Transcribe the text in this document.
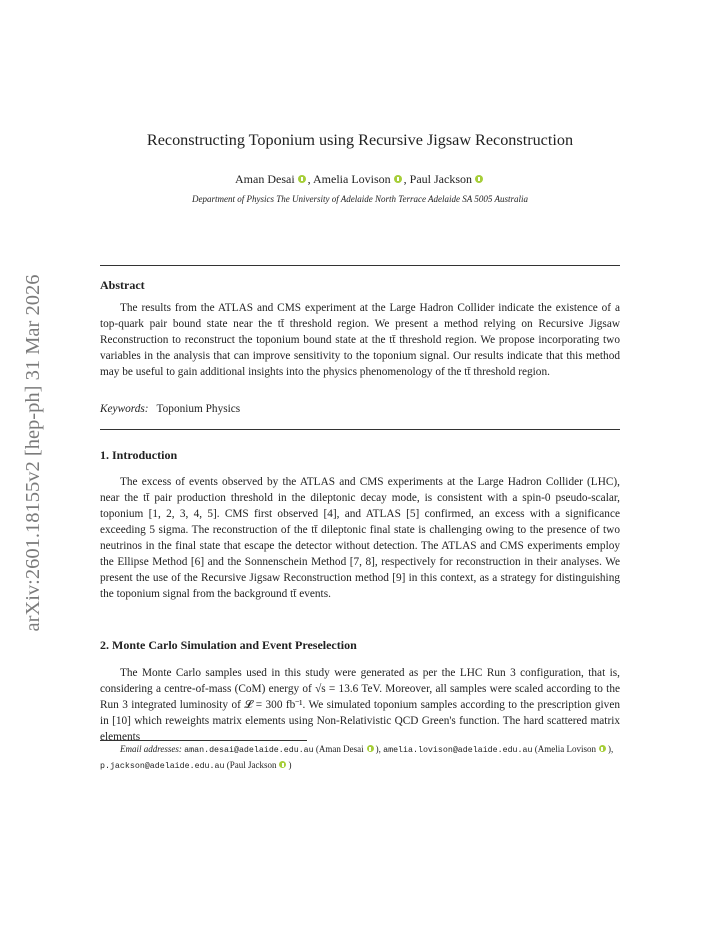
arXiv:2601.18155v2 [hep-ph] 31 Mar 2026
Reconstructing Toponium using Recursive Jigsaw Reconstruction
Aman Desai , Amelia Lovison , Paul Jackson
Department of Physics The University of Adelaide North Terrace Adelaide SA 5005 Australia
Abstract
The results from the ATLAS and CMS experiment at the Large Hadron Collider indicate the existence of a top-quark pair bound state near the tt̄ threshold region. We present a method relying on Recursive Jigsaw Reconstruction to reconstruct the toponium bound state at the tt̄ threshold region. We propose incorporating two variables in the analysis that can improve sensitivity to the toponium signal. Our results indicate that this method may be useful to gain additional insights into the physics phenomenology of the tt̄ threshold region.
Keywords: Toponium Physics
1. Introduction
The excess of events observed by the ATLAS and CMS experiments at the Large Hadron Collider (LHC), near the tt̄ pair production threshold in the dileptonic decay mode, is consistent with a spin-0 pseudo-scalar, toponium [1, 2, 3, 4, 5]. CMS first observed [4], and ATLAS [5] confirmed, an excess with a significance exceeding 5 sigma. The reconstruction of the tt̄ dileptonic final state is challenging owing to the presence of two neutrinos in the final state that escape the detector without detection. The ATLAS and CMS experiments employ the Ellipse Method [6] and the Sonnenschein Method [7, 8], respectively for reconstruction in their analyses. We present the use of the Recursive Jigsaw Reconstruction method [9] in this context, as a strategy for distinguishing the toponium signal from the background tt̄ events.
2. Monte Carlo Simulation and Event Preselection
The Monte Carlo samples used in this study were generated as per the LHC Run 3 configuration, that is, considering a centre-of-mass (CoM) energy of √s = 13.6 TeV. Moreover, all samples were scaled according to the Run 3 integrated luminosity of 𝓛 = 300 fb⁻¹. We simulated toponium samples according to the prescription given in [10] which reweights matrix elements using Non-Relativistic QCD Green's function. The hard scattered matrix elements
Email addresses: aman.desai@adelaide.edu.au (Aman Desai ), amelia.lovison@adelaide.edu.au (Amelia Lovison ), p.jackson@adelaide.edu.au (Paul Jackson )
